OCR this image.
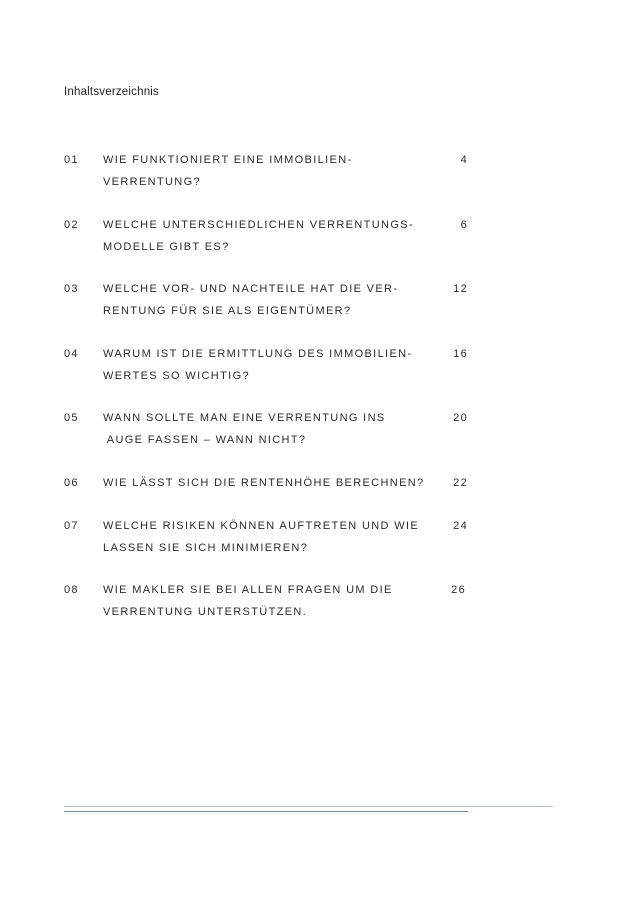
Inhaltsverzeichnis
01 WIE FUNKTIONIERT EINE IMMOBILIEN-
VERRENTUNG?
4
02 WELCHE UNTERSCHIEDLICHEN VERRENTUNGS-
MODELLE GIBT ES?
6
03 WELCHE VOR- UND NACHTEILE HAT DIE VER-
RENTUNG FÜR SIE ALS EIGENTÜMER?
12
04 WARUM IST DIE ERMITTLUNG DES IMMOBILIEN-
WERTES SO WICHTIG?
16
05 WANN SOLLTE MAN EINE VERRENTUNG INS
AUGE FASSEN – WANN NICHT?
20
06 WIE LÄSST SICH DIE RENTENHÖHE BERECHNEN?	22
07 WELCHE RISIKEN KÖNNEN AUFTRETEN UND WIE
LASSEN SIE SICH MINIMIEREN?
24
08 WIE MAKLER SIE BEI ALLEN FRAGEN UM DIE
VERRENTUNG UNTERSTÜTZEN.
26
